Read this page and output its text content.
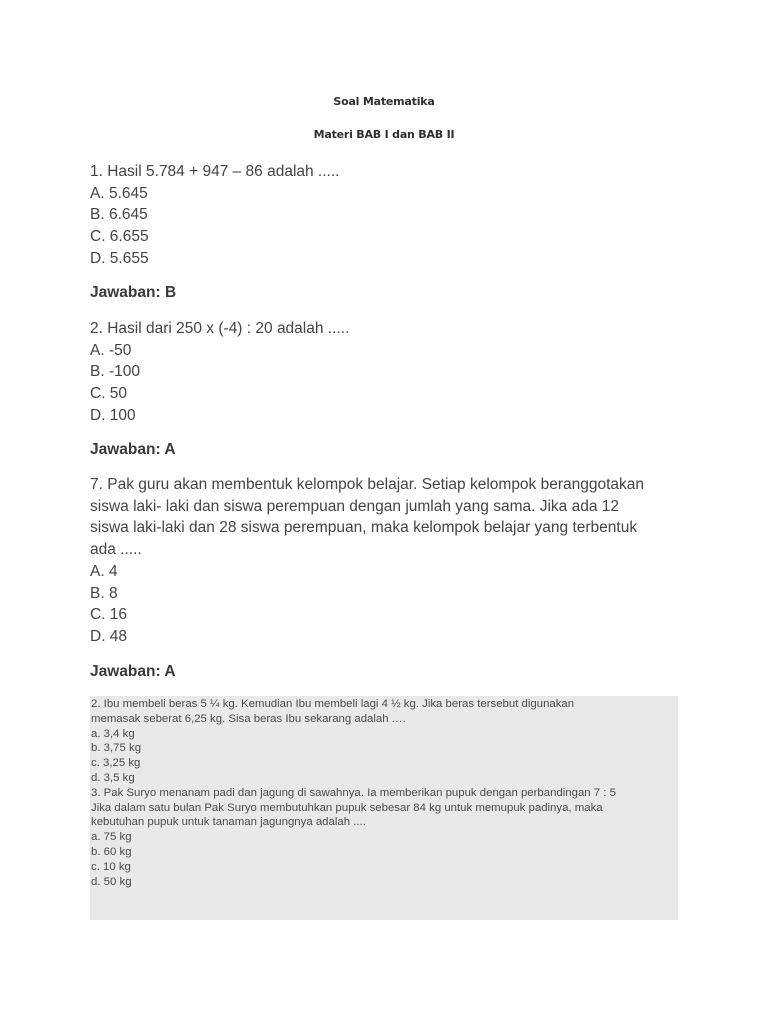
Soal Matematika
Materi BAB I dan BAB II
1. Hasil 5.784 + 947 – 86 adalah .....
A. 5.645
B. 6.645
C. 6.655
D. 5.655
Jawaban: B
2. Hasil dari 250 x (-4) : 20 adalah .....
A. -50
B. -100
C. 50
D. 100
Jawaban: A
7. Pak guru akan membentuk kelompok belajar. Setiap kelompok beranggotakan
siswa laki- laki dan siswa perempuan dengan jumlah yang sama. Jika ada 12
siswa laki-laki dan 28 siswa perempuan, maka kelompok belajar yang terbentuk
ada .....
A. 4
B. 8
C. 16
D. 48
Jawaban: A
2. Ibu membeli beras 5 ¼ kg. Kemudian Ibu membeli lagi 4 ½ kg. Jika beras tersebut digunakan
memasak seberat 6,25 kg. Sisa beras Ibu sekarang adalah .…
a. 3,4 kg
b. 3,75 kg
c. 3,25 kg
d. 3,5 kg
3. Pak Suryo menanam padi dan jagung di sawahnya. Ia memberikan pupuk dengan perbandingan 7 : 5
Jika dalam satu bulan Pak Suryo membutuhkan pupuk sebesar 84 kg untuk memupuk padinya, maka
kebutuhan pupuk untuk tanaman jagungnya adalah ....
a. 75 kg
b. 60 kg
c. 10 kg
d. 50 kg
